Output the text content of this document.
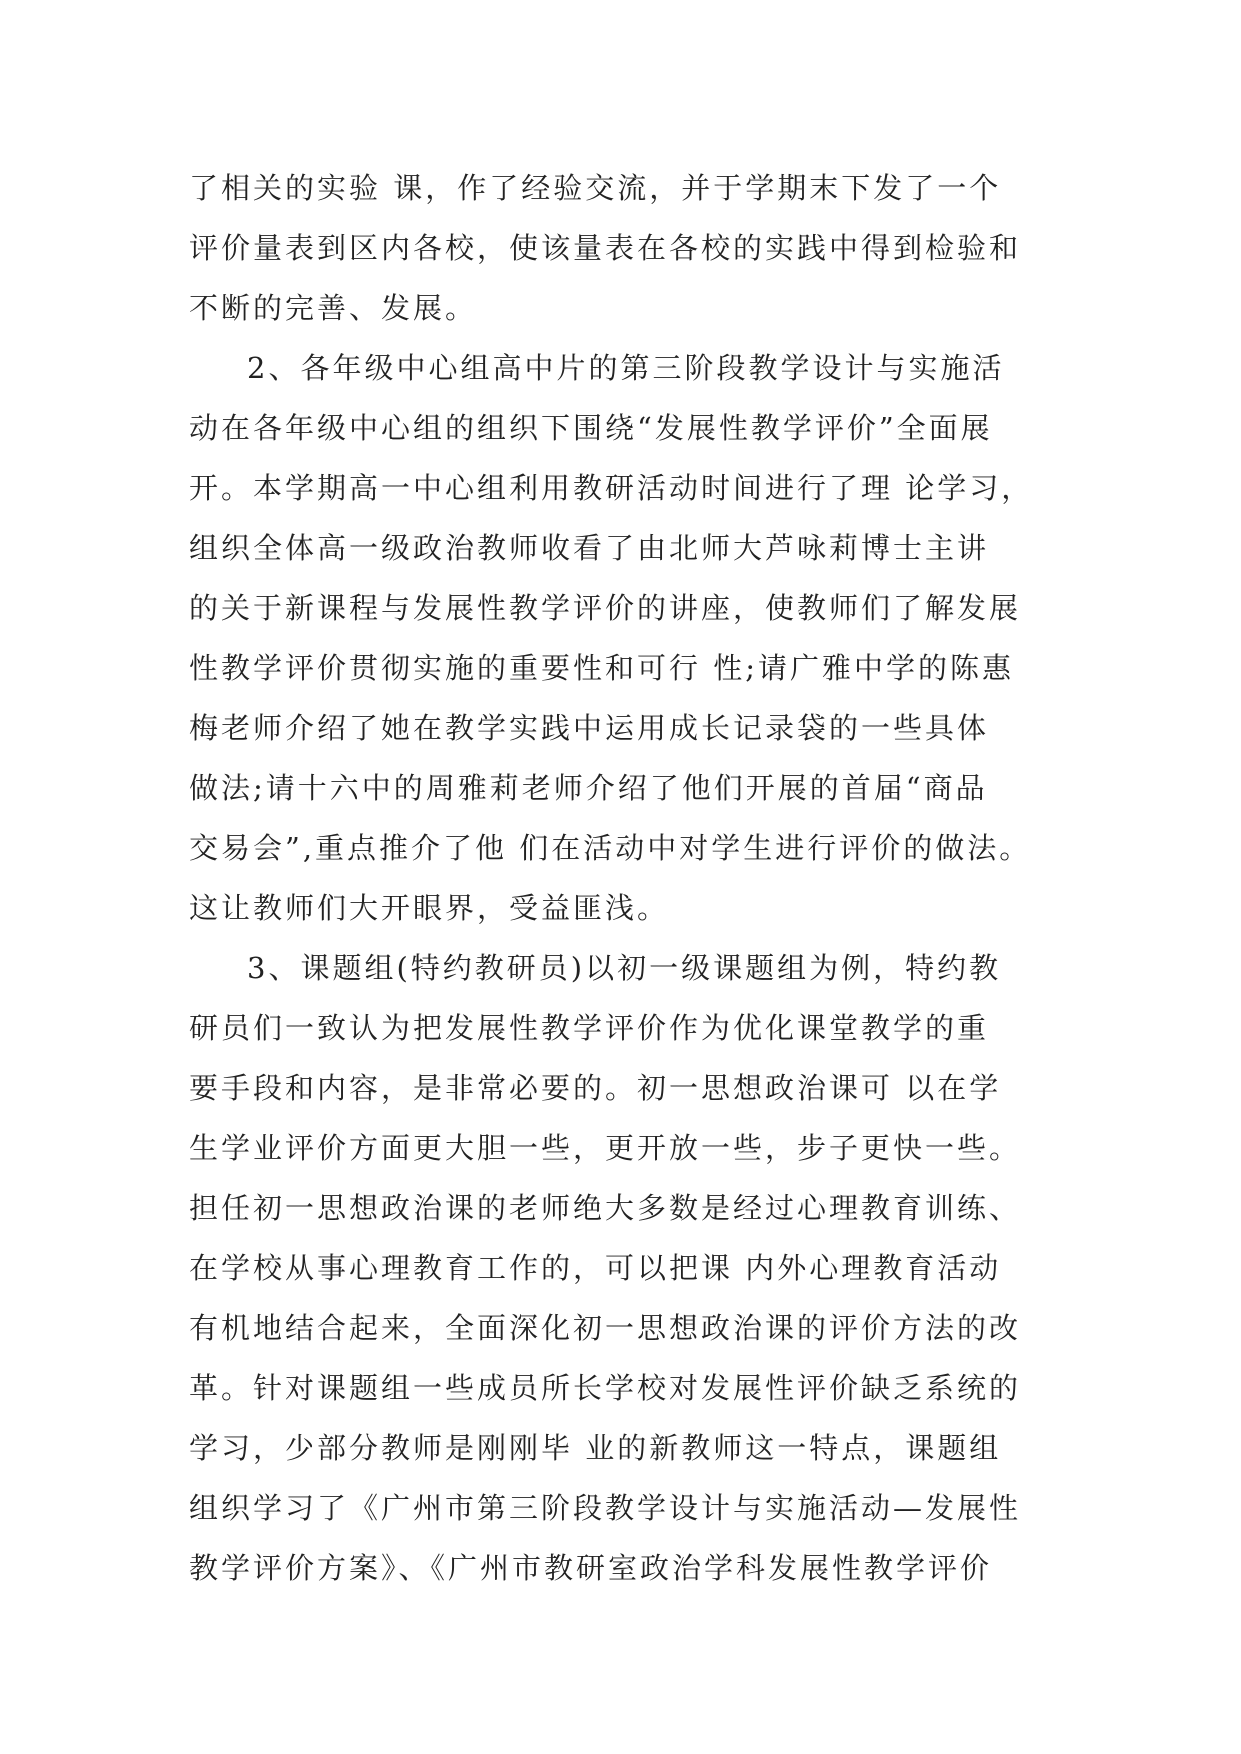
了相关的实验 课，作了经验交流，并于学期末下发了一个
评价量表到区内各校，使该量表在各校的实践中得到检验和
不断的完善、发展。
2、各年级中心组高中片的第三阶段教学设计与实施活
动在各年级中心组的组织下围绕“发展性教学评价”全面展
开。本学期高一中心组利用教研活动时间进行了理 论学习，
组织全体高一级政治教师收看了由北师大芦咏莉博士主讲
的关于新课程与发展性教学评价的讲座，使教师们了解发展
性教学评价贯彻实施的重要性和可行 性;请广雅中学的陈惠
梅老师介绍了她在教学实践中运用成长记录袋的一些具体
做法;请十六中的周雅莉老师介绍了他们开展的首届“商品
交易会”,重点推介了他 们在活动中对学生进行评价的做法。
这让教师们大开眼界，受益匪浅。
3、课题组(特约教研员)以初一级课题组为例，特约教
研员们一致认为把发展性教学评价作为优化课堂教学的重
要手段和内容，是非常必要的。初一思想政治课可 以在学
生学业评价方面更大胆一些，更开放一些，步子更快一些。
担任初一思想政治课的老师绝大多数是经过心理教育训练、
在学校从事心理教育工作的，可以把课 内外心理教育活动
有机地结合起来，全面深化初一思想政治课的评价方法的改
革。针对课题组一些成员所长学校对发展性评价缺乏系统的
学习，少部分教师是刚刚毕 业的新教师这一特点，课题组
组织学习了《广州市第三阶段教学设计与实施活动—发展性
教学评价方案》、《广州市教研室政治学科发展性教学评价
